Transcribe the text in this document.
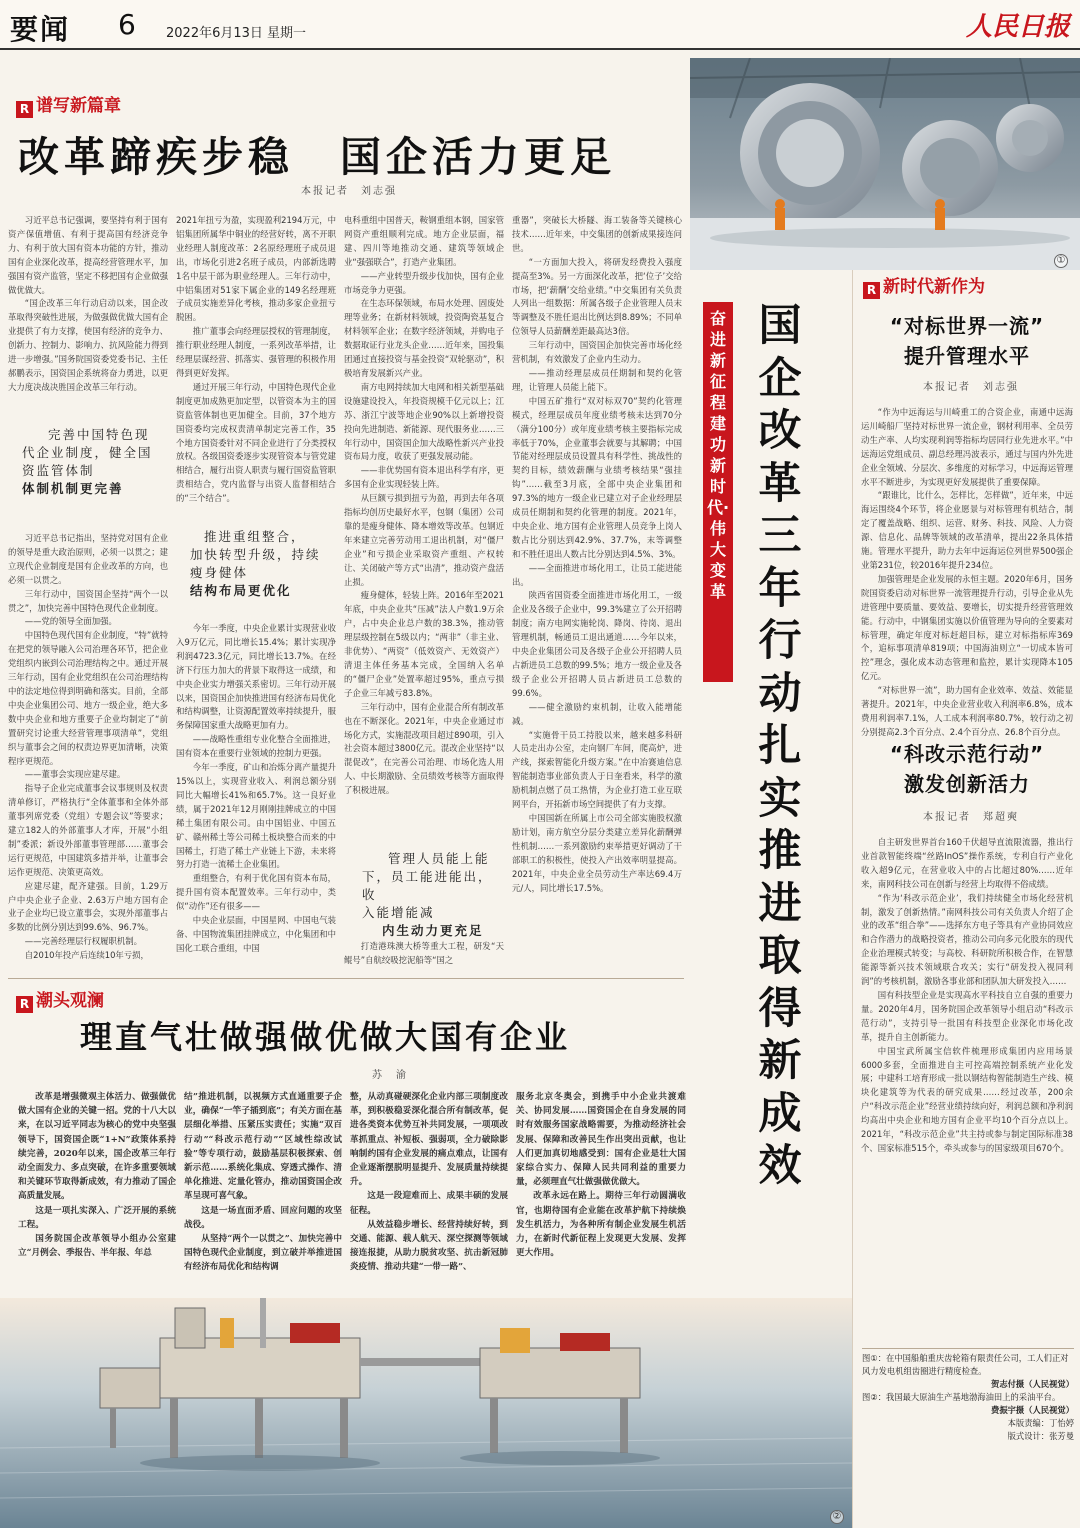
要闻 6 2022年6月13日 星期一	人民日报
①
R 谱写新篇章
改革蹄疾步稳　国企活力更足
本报记者　刘志强

习近平总书记强调，要坚持有利于国有资产保值增值、有利于提高国有经济竞争力、有利于放大国有资本功能的方针，推动国有企业深化改革，提高经营管理水平，加强国有资产监管，坚定不移把国有企业做强做优做大。

“国企改革三年行动启动以来，国企改革取得突破性进展，为做强做优做大国有企业提供了有力支撑，使国有经济的竞争力、创新力、控制力、影响力、抗风险能力得到进一步增强。”国务院国资委党委书记、主任郝鹏表示，国资国企系统将奋力勇进，以更大力度决战决胜国企改革三年行动。

完善中国特色现
代企业制度，健全国
资监管体制
体制机制更完善

习近平总书记指出，坚持党对国有企业的领导是重大政治原则，必须一以贯之；建立现代企业制度是国有企业改革的方向，也必须一以贯之。

三年行动中，国资国企坚持“两个一以贯之”，加快完善中国特色现代企业制度。

——党的领导全面加强。

中国特色现代国有企业制度，“特”就特在把党的领导融入公司治理各环节，把企业党组织内嵌到公司治理结构之中。通过开展三年行动，国有企业党组织在公司治理结构中的法定地位得到明确和落实。目前，全部中央企业集团公司、地方一级企业，绝大多数中央企业和地方重要子企业均制定了“前置研究讨论重大经营管理事项清单”，党组织与董事会之间的权责边界更加清晰，决策程序更规范。

——董事会实现应建尽建。

指导子企业完成董事会议事规则及权责清单修订，严格执行“全体董事和全体外部董事列席党委（党组）专题会议”等要求；建立182人的外部董事人才库，开展“小组制”委派；新设外部董事管理部……董事会运行更规范，中国建筑多措并举，让董事会运作更规范、决策更高效。

应建尽建，配齐建强。目前，1.29万户中央企业子企业、2.63万户地方国有企业子企业均已设立董事会，实现外部董事占多数的比例分别达到99.6%、96.7%。

——完善经理层行权履职机制。

自2010年投产后连续10年亏损，

2021年扭亏为盈，实现盈利2194万元，中铝集团所属华中铜业的经营好转，离不开职业经理人制度改革：2名原经理班子成员退出，市场化引进2名班子成员，内部新选聘1名中层干部为职业经理人。三年行动中，中铝集团对51家下属企业的149名经理班子成员实施差异化考核，推动多家企业扭亏脱困。

推广董事会向经理层授权的管理制度，推行职业经理人制度，一系列改革举措，让经理层谋经营、抓落实、强管理的积极作用得到更好发挥。

通过开展三年行动，中国特色现代企业制度更加成熟更加定型，以管资本为主的国资监管体制也更加健全。目前，37个地方国资委均完成权责清单制定完善工作，35个地方国资委针对不同企业进行了分类授权放权。各级国资委逐步实现管资本与管党建相结合，履行出资人职责与履行国资监管职责相结合，党内监督与出资人监督相结合的“三个结合”。

推进重组整合，
加快转型升级，持续
瘦身健体
结构布局更优化

今年一季度，中央企业累计实现营业收入9万亿元，同比增长15.4%；累计实现净利润4723.3亿元，同比增长13.7%。在经济下行压力加大的背景下取得这一成绩，和中央企业实力增强关系密切。三年行动开展以来，国资国企加快推进国有经济布局优化和结构调整，让资源配置效率持续提升，服务保障国家重大战略更加有力。

——战略性重组专业化整合全面推进，国有资本在重要行业领域的控制力更强。

今年一季度，矿山和冶炼分离产量提升15%以上，实现营业收入、利润总额分别同比大幅增长41%和65.7%。这一良好业绩，属于2021年12月刚刚挂牌成立的中国稀土集团有限公司。由中国铝业、中国五矿、赣州稀土等公司稀土板块整合而来的中国稀土，打造了稀土产业链上下游，未来将努力打造一流稀土企业集团。

重组整合，有利于优化国有资本布局，提升国有资本配置效率。三年行动中，类似“动作”还有很多——

中央企业层面，中国星网、中国电气装备、中国物流集团挂牌成立，中化集团和中国化工联合重组，中国

电科重组中国普天，鞍钢重组本钢，国家管网资产重组顺利完成。地方企业层面，福建、四川等地推动交通、建筑等领域企业“强强联合”，打造产业集团。

——产业转型升级步伐加快，国有企业市场竞争力更强。

在生态环保领域，布局水处理、固废处理等业务；在新材料领域，投资陶瓷基复合材料领军企业；在数字经济领域，并购电子数据取证行业龙头企业……近年来，国投集团通过直接投资与基金投资“双轮驱动”，积极培育发展新兴产业。

南方电网持续加大电网和相关新型基础设施建设投入，年投资规模千亿元以上；江苏、浙江宁波等地企业90%以上新增投资投向先进制造、新能源、现代服务业……三年行动中，国资国企加大战略性新兴产业投资布局力度，收获了更强发展动能。

——非优势国有资本退出科学有序，更多国有企业实现轻装上阵。

从巨额亏损到扭亏为盈，再到去年各项指标均创历史最好水平，包钢（集团）公司靠的是瘦身健体、降本增效等改革。包钢近年来建立完善劳动用工退出机制，对“僵尸企业”和亏损企业采取资产重组、产权转让、关闭破产等方式“出清”，推动资产盘活止损。

瘦身健体，轻装上阵。2016年至2021年底，中央企业共“压减”法人户数1.9万余户，占中央企业总户数的38.3%，推动管理层级控制在5级以内；“两非”（非主业、非优势）、“两资”（低效资产、无效资产）清退主体任务基本完成，全国纳入名单的“僵尸企业”处置率超过95%，重点亏损子企业三年减亏83.8%。

三年行动中，国有企业混合所有制改革也在不断深化。2021年，中央企业通过市场化方式，实施混改项目超过890项，引入社会资本超过3800亿元。混改企业坚持“以混促改”，在完善公司治理、市场化选人用人、中长期激励、全员绩效考核等方面取得了积极进展。

管理人员能上能
下，员工能进能出，收
入能增能减
内生动力更充足

打造港珠澳大桥等重大工程，研发“天鲲号”自航绞吸挖泥船等“国之

重器”，突破长大桥隧、海工装备等关键核心技术……近年来，中交集团的创新成果接连问世。

“一方面加大投入，将研发经费投入强度提高至3%。另一方面深化改革，把‘位子’交给市场，把‘薪酬’交给业绩。”中交集团有关负责人列出一组数据：所属各级子企业管理人员末等调整及不胜任退出比例达到8.89%；不同单位领导人员薪酬差距最高达3倍。

三年行动中，国资国企加快完善市场化经营机制，有效激发了企业内生动力。

——推动经理层成员任期制和契约化管理，让管理人员能上能下。

中国五矿推行“双对标双70”契约化管理模式，经理层成员年度业绩考核未达到70分（满分100分）或年度业绩考核主要指标完成率低于70%，企业董事会就要与其解聘；中国节能对经理层成员设置具有科学性、挑战性的契约目标，绩效薪酬与业绩考核结果“强挂钩”……截至3月底，全部中央企业集团和97.3%的地方一级企业已建立对子企业经理层成员任期制和契约化管理的制度。2021年，中央企业、地方国有企业管理人员竞争上岗人数占比分别达到42.9%、37.7%，末等调整和不胜任退出人数占比分别达到4.5%、3%。

——全面推进市场化用工，让员工能进能出。

陕西省国资委全面推进市场化用工，一级企业及各级子企业中，99.3%建立了公开招聘制度；南方电网实施轮岗、降岗、待岗、退出管理机制，畅通员工退出通道……今年以来，中央企业集团公司及各级子企业公开招聘人员占新进员工总数的99.5%；地方一级企业及各级子企业公开招聘人员占新进员工总数的99.6%。

——健全激励约束机制，让收入能增能减。

“实施骨干员工持股以来，越来越多科研人员走出办公室，走向钢厂车间，爬高炉，进产线，探索智能化升级方案。”在中冶赛迪信息智能制造事业部负责人于日奎看来，科学的激励机制点燃了员工热情，为企业打造工业互联网平台，开拓新市场空间提供了有力支撑。

中国国新在所属上市公司全部实施股权激励计划，南方航空分层分类建立差异化薪酬弹性机制……一系列激励约束举措更好调动了干部职工的积极性，使投入产出效率明显提高。2021年，中央企业全员劳动生产率达69.4万元/人，同比增长17.5%。

奋进新征程　建功新时代·伟大变革
国企改革三年行动扎实推进取得新成效
R 新时代新作为
“对标世界一流”
提升管理水平
本报记者　刘志强

“作为中远海运与川崎重工的合资企业，南通中远海运川崎船厂坚持对标世界一流企业，钢材利用率、全员劳动生产率、人均实现利润等指标均居同行业先进水平。”中远海运党组成员、副总经理冯波表示，通过与国内外先进企业全领域、分层次、多维度的对标学习，中远海运管理水平不断进步，为实现更好发展提供了重要保障。

“跟谁比，比什么，怎样比，怎样做”，近年来，中远海运围绕4个环节，将企业愿景与对标管理有机结合，制定了覆盖战略、组织、运营、财务、科技、风险、人力资源、信息化、品牌等领域的改革清单，提出22条具体措施。管理水平提升，助力去年中远海运位列世界500强企业第231位，较2016年提升234位。

加强管理是企业发展的永恒主题。2020年6月，国务院国资委启动对标世界一流管理提升行动，引导企业从先进管理中要质量、要效益、要增长，切实提升经营管理效能。行动中，中钢集团实施以价值管理为导向的全要素对标管理，确定年度对标赶超目标，建立对标指标库369个，追标事项清单819项；中国海油则立“一切成本皆可控”理念，强化成本动态管理和监控，累计实现降本105亿元。

“对标世界一流”，助力国有企业效率、效益、效能显著提升。2021年，中央企业营业收入利润率6.8%，成本费用利润率7.1%，人工成本利润率80.7%，较行动之初分别提高2.3个百分点、2.4个百分点、26.8个百分点。

“科改示范行动”
激发创新活力
本报记者　郑超奭

自主研发世界首台160千伏超导直流限流器，推出行业首款智能终端“丝路InOS”操作系统，专利自行产业化收入超9亿元，在营业收入中的占比超过80%……近年来，南网科技公司在创新与经营上均取得不俗成绩。

“作为‘科改示范企业’，我们持续健全市场化经营机制，激发了创新热情。”南网科技公司有关负责人介绍了企业的改革“组合拳”——选择东方电子等具有产业协同效应和合作潜力的战略投资者，推动公司向多元化股东的现代企业治理模式转变；与高校、科研院所积极合作，在智慧能源等新兴技术领域联合攻关；实行“研发投入视同利润”的考核机制，激励各事业部和团队加大研发投入……

国有科技型企业是实现高水平科技自立自强的重要力量。2020年4月，国务院国企改革领导小组启动“科改示范行动”，支持引导一批国有科技型企业深化市场化改革，提升自主创新能力。

中国宝武所属宝信软件梳理形成集团内应用场景6000多套，全面推进自主可控高端控制系统产业化发展；中建科工培育形成一批以钢结构智能制造生产线、模块化建筑等为代表的研究成果……经过改革，200余户“科改示范企业”经营业绩持续向好，利润总额和净利润均高出中央企业和地方国有企业平均10个百分点以上。2021年，“科改示范企业”共主持或参与制定国际标准38个、国家标准515个，牵头或参与的国家级项目670个。

图①：在中国船舶重庆齿轮箱有限责任公司，工人们正对风力发电机组齿圈进行精度检查。
贺志付摄（人民视觉）
图②：我国最大原油生产基地渤海油田上的采油平台。
费振宇摄（人民视觉）
本版责编：丁怡婷
版式设计：张芳曼
R 潮头观澜
理直气壮做强做优做大国有企业
苏　渝

改革是增强微观主体活力、做强做优做大国有企业的关键一招。党的十八大以来，在以习近平同志为核心的党中央坚强领导下，国资国企既“1+N”政策体系持续完善，2020年以来，国企改革三年行动全面发力、多点突破，在许多重要领域和关键环节取得新成效，有力推动了国企高质量发展。

这是一项扎实深入、广泛开展的系统工程。

国务院国企改革领导小组办公室建立“月例会、季报告、半年报、年总

结”推进机制，以视频方式直通重要子企业，确保“一竿子插到底”；有关方面在基层细化举措、压紧压实责任；实施“双百行动”“科改示范行动”“区域性综改试验”等专项行动，鼓励基层积极探索、创新示范……系统化集成、穿透式操作、清单化推进、定量化管办，推动国资国企改革呈现可喜气象。

这是一场直面矛盾、回应问题的攻坚战役。

从坚持“两个一以贯之”、加快完善中国特色现代企业制度，到立破并举推进国有经济布局优化和结构调

整，从动真碰硬深化企业内部三项制度改革，到积极稳妥深化混合所有制改革，促进各类资本优势互补共同发展，一项项改革抓重点、补短板、强弱项，全力破除影响制约国有企业发展的痛点难点，让国有企业逐渐摆脱明显提升、发展质量持续提升。

这是一段迎难而上、成果丰硕的发展征程。

从效益稳步增长、经营持续好转，到交通、能源、载人航天、深空探测等领域接连报捷，从助力脱贫攻坚、抗击新冠肺炎疫情、推动共建“一带一路”、

服务北京冬奥会，到携手中小企业共渡难关、协同发展……国资国企在自身发展的同时有效服务国家战略需要，为推动经济社会发展、保障和改善民生作出突出贡献，也让人们更加真切地感受到：国有企业是壮大国家综合实力、保障人民共同利益的重要力量，必须理直气壮做强做优做大。

改革永远在路上。期待三年行动圆满收官，也期待国有企业能在改革护航下持续焕发生机活力，为各种所有制企业发展生机活力，在新时代新征程上发现更大发展、发挥更大作用。

②
